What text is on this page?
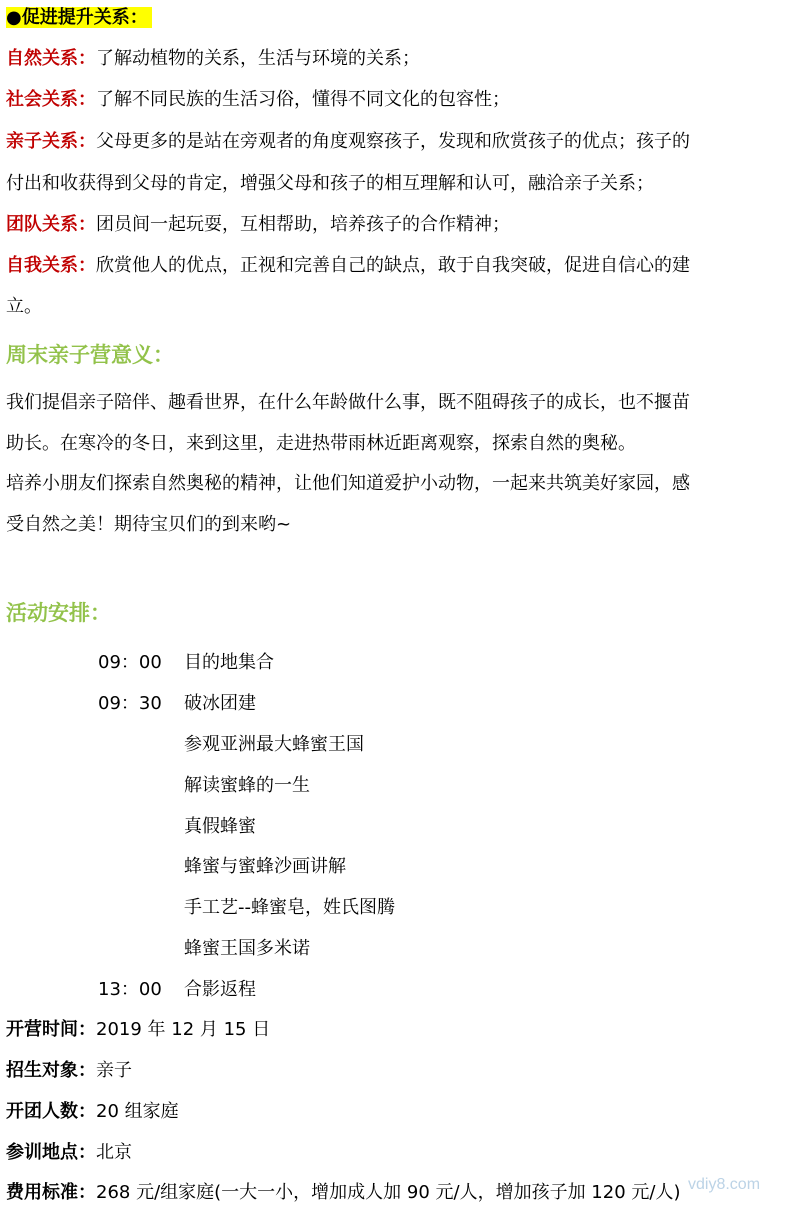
●促进提升关系：
自然关系：了解动植物的关系，生活与环境的关系；
社会关系：了解不同民族的生活习俗，懂得不同文化的包容性；
亲子关系：父母更多的是站在旁观者的角度观察孩子，发现和欣赏孩子的优点；孩子的
付出和收获得到父母的肯定，增强父母和孩子的相互理解和认可，融洽亲子关系；
团队关系：团员间一起玩耍，互相帮助，培养孩子的合作精神；
自我关系：欣赏他人的优点，正视和完善自己的缺点，敢于自我突破，促进自信心的建
立。
周末亲子营意义：
我们提倡亲子陪伴、趣看世界，在什么年龄做什么事，既不阻碍孩子的成长，也不揠苗
助长。在寒冷的冬日，来到这里，走进热带雨林近距离观察，探索自然的奥秘。
培养小朋友们探索自然奥秘的精神，让他们知道爱护小动物，一起来共筑美好家园，感
受自然之美！期待宝贝们的到来哟~
活动安排：
09：00 目的地集合
09：30 破冰团建
参观亚洲最大蜂蜜王国
解读蜜蜂的一生
真假蜂蜜
蜂蜜与蜜蜂沙画讲解
手工艺--蜂蜜皂，姓氏图腾
蜂蜜王国多米诺
13：00 合影返程
开营时间：2019 年 12 月 15 日
招生对象：亲子
开团人数：20 组家庭
参训地点：北京
费用标准：268 元/组家庭(一大一小，增加成人加 90 元/人，增加孩子加 120 元/人) vdiy8.com
